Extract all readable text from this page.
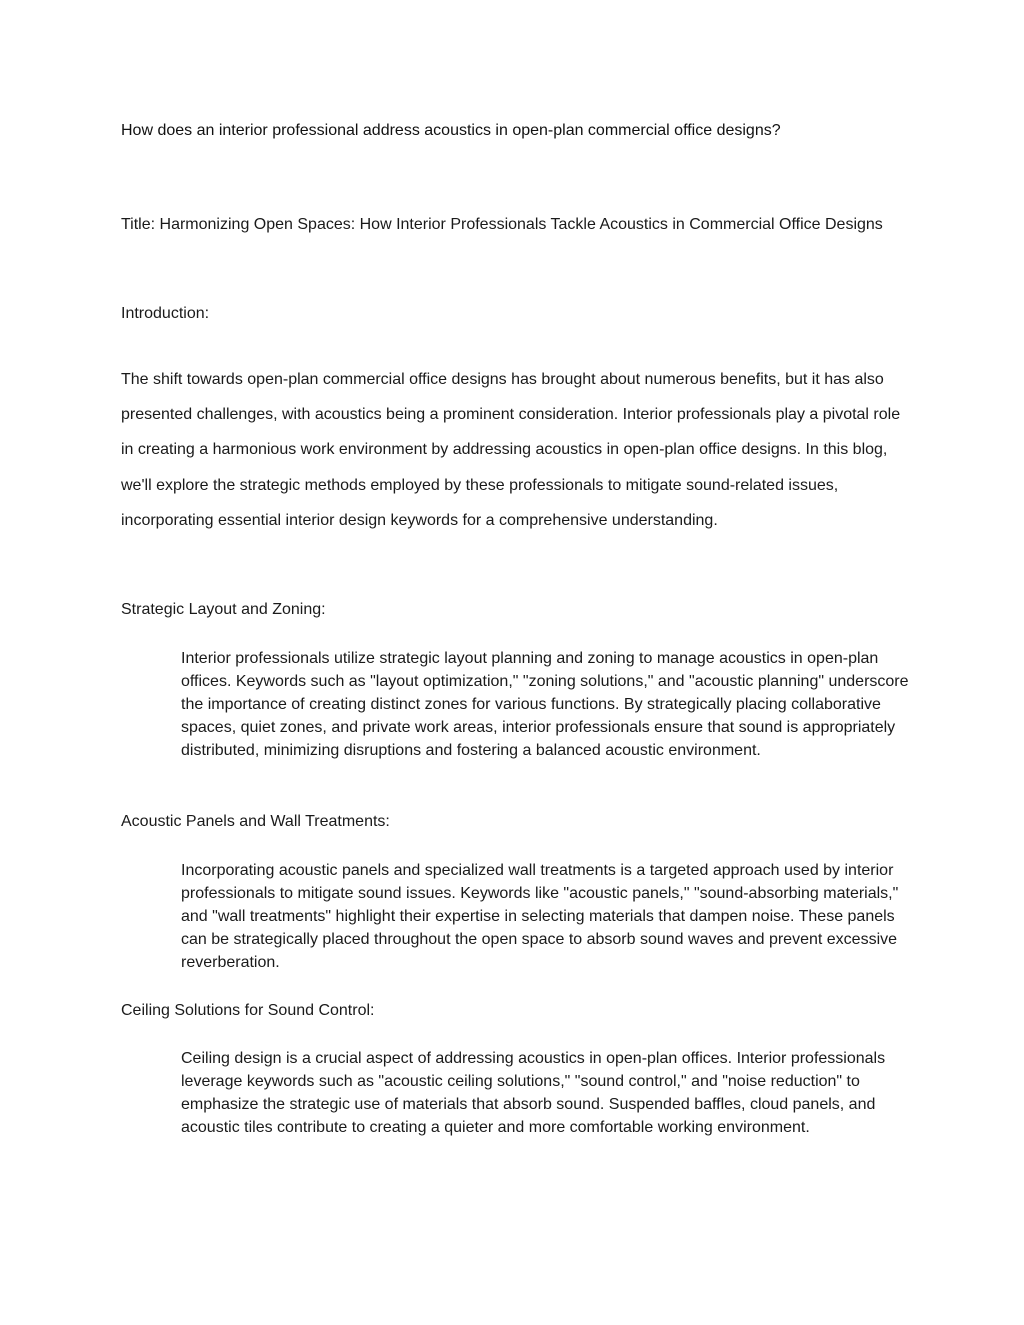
How does an interior professional address acoustics in open-plan commercial office designs?
Title: Harmonizing Open Spaces: How Interior Professionals Tackle Acoustics in Commercial Office Designs
Introduction:
The shift towards open-plan commercial office designs has brought about numerous benefits, but it has also presented challenges, with acoustics being a prominent consideration. Interior professionals play a pivotal role in creating a harmonious work environment by addressing acoustics in open-plan office designs. In this blog, we'll explore the strategic methods employed by these professionals to mitigate sound-related issues, incorporating essential interior design keywords for a comprehensive understanding.
Strategic Layout and Zoning:
Interior professionals utilize strategic layout planning and zoning to manage acoustics in open-plan offices. Keywords such as "layout optimization," "zoning solutions," and "acoustic planning" underscore the importance of creating distinct zones for various functions. By strategically placing collaborative spaces, quiet zones, and private work areas, interior professionals ensure that sound is appropriately distributed, minimizing disruptions and fostering a balanced acoustic environment.
Acoustic Panels and Wall Treatments:
Incorporating acoustic panels and specialized wall treatments is a targeted approach used by interior professionals to mitigate sound issues. Keywords like "acoustic panels," "sound-absorbing materials," and "wall treatments" highlight their expertise in selecting materials that dampen noise. These panels can be strategically placed throughout the open space to absorb sound waves and prevent excessive reverberation.
Ceiling Solutions for Sound Control:
Ceiling design is a crucial aspect of addressing acoustics in open-plan offices. Interior professionals leverage keywords such as "acoustic ceiling solutions," "sound control," and "noise reduction" to emphasize the strategic use of materials that absorb sound. Suspended baffles, cloud panels, and acoustic tiles contribute to creating a quieter and more comfortable working environment.
